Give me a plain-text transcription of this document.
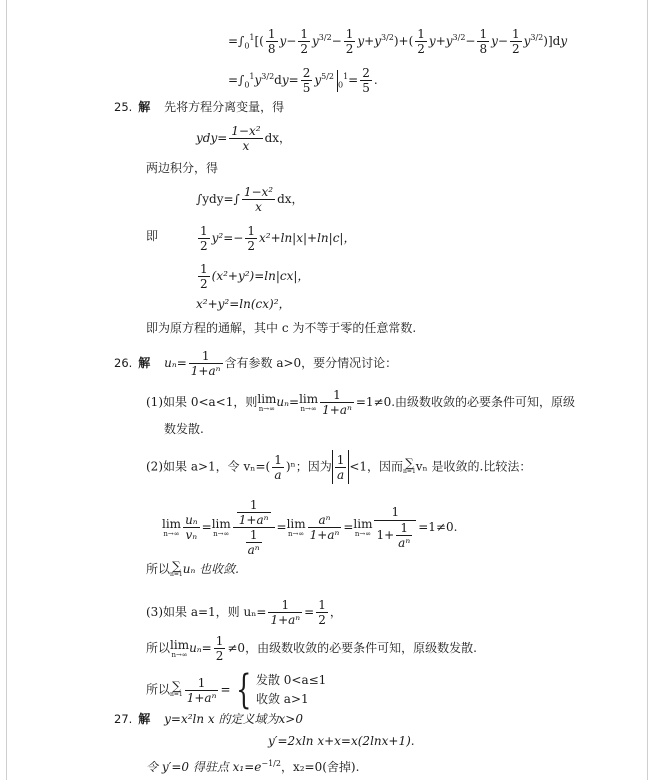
$=\int_0^1[( \frac{1}{8} y- \frac{1}{2} y^{3/2}- \frac{1}{2} y+y^{3/2})+( \frac{1}{2} y+y^{3/2}- \frac{1}{8} y- \frac{1}{2} y^{3/2})]dy$
$=\int_0^1y^{3/2}dy= \frac{2}{5} y^{5/2}_0^1= \frac{2}{5}$ .
25. 解 先将方程分离变量，得
$ydy= \frac{\text{1−x²}}{x}$ dx，
两边积分，得
$\int ydy=\int \frac{\text{1−x²}}{x}$ dx，
即	$\frac{1}{2} y^2=- \frac{1}{2} x^2+\ln|x|+\ln|c|$，
$\frac{1}{2} (x^2+y^2)=\ln|cx|$，
x²+y²=ln(cx)²，
即为原方程的通解，其中 c 为不等于零的任意常数.
26. 解 $u_n= \frac{1}{\text{1+aⁿ}}$ 含有参数 a>0，要分情况讨论：
(1)如果 0<a<1，则lim
n→∞ uₙ=lim
$n\to\infty \frac{1}{\text{1+aⁿ}} =1\ne 0$.由级数收敛的必要条件可知，原级
数发散.
(2)如果 a>1，令 $v_n=( \frac{1}{a} )^n$；因为 $\frac{1}{a} <1$，因而 ∑
n=1 vₙ 是收敛的.比较法：
lim
$n\to\infty \frac{\text{uₙ}}{\text{vₙ}} =\lim$
$n\to\infty \frac{\frac{1}{\text{1+aⁿ}}}{\frac{1}{\text{aⁿ}}} =\lim$
$n\to\infty \frac{\text{aⁿ}}{\text{1+aⁿ}} =\lim$
$n\to\infty \frac{1}{1+ \frac{1}{\text{aⁿ}}} =1\ne 0$.
所以 ∑
n=1 uₙ 也收敛.
(3)如果 a=1，则 $u_n= \frac{1}{\text{1+aⁿ}} = \frac{1}{2}$ ，
所以lim
n→∞ $u_n= \frac{1}{2} \ne 0$，由级数收敛的必要条件可知，原级数发散.
所以 ∑
$n=1 \frac{1}{\text{1+aⁿ}}$ = { 发散 0<a≤1
收敛 a>1
27. 解 y=x²ln x 的定义域为x>0
y′=2xln x+x=x(2lnx+1).
令 y′=0 得驻点 $x_1=e^{-1/2}$，x₂=0(舍掉).
